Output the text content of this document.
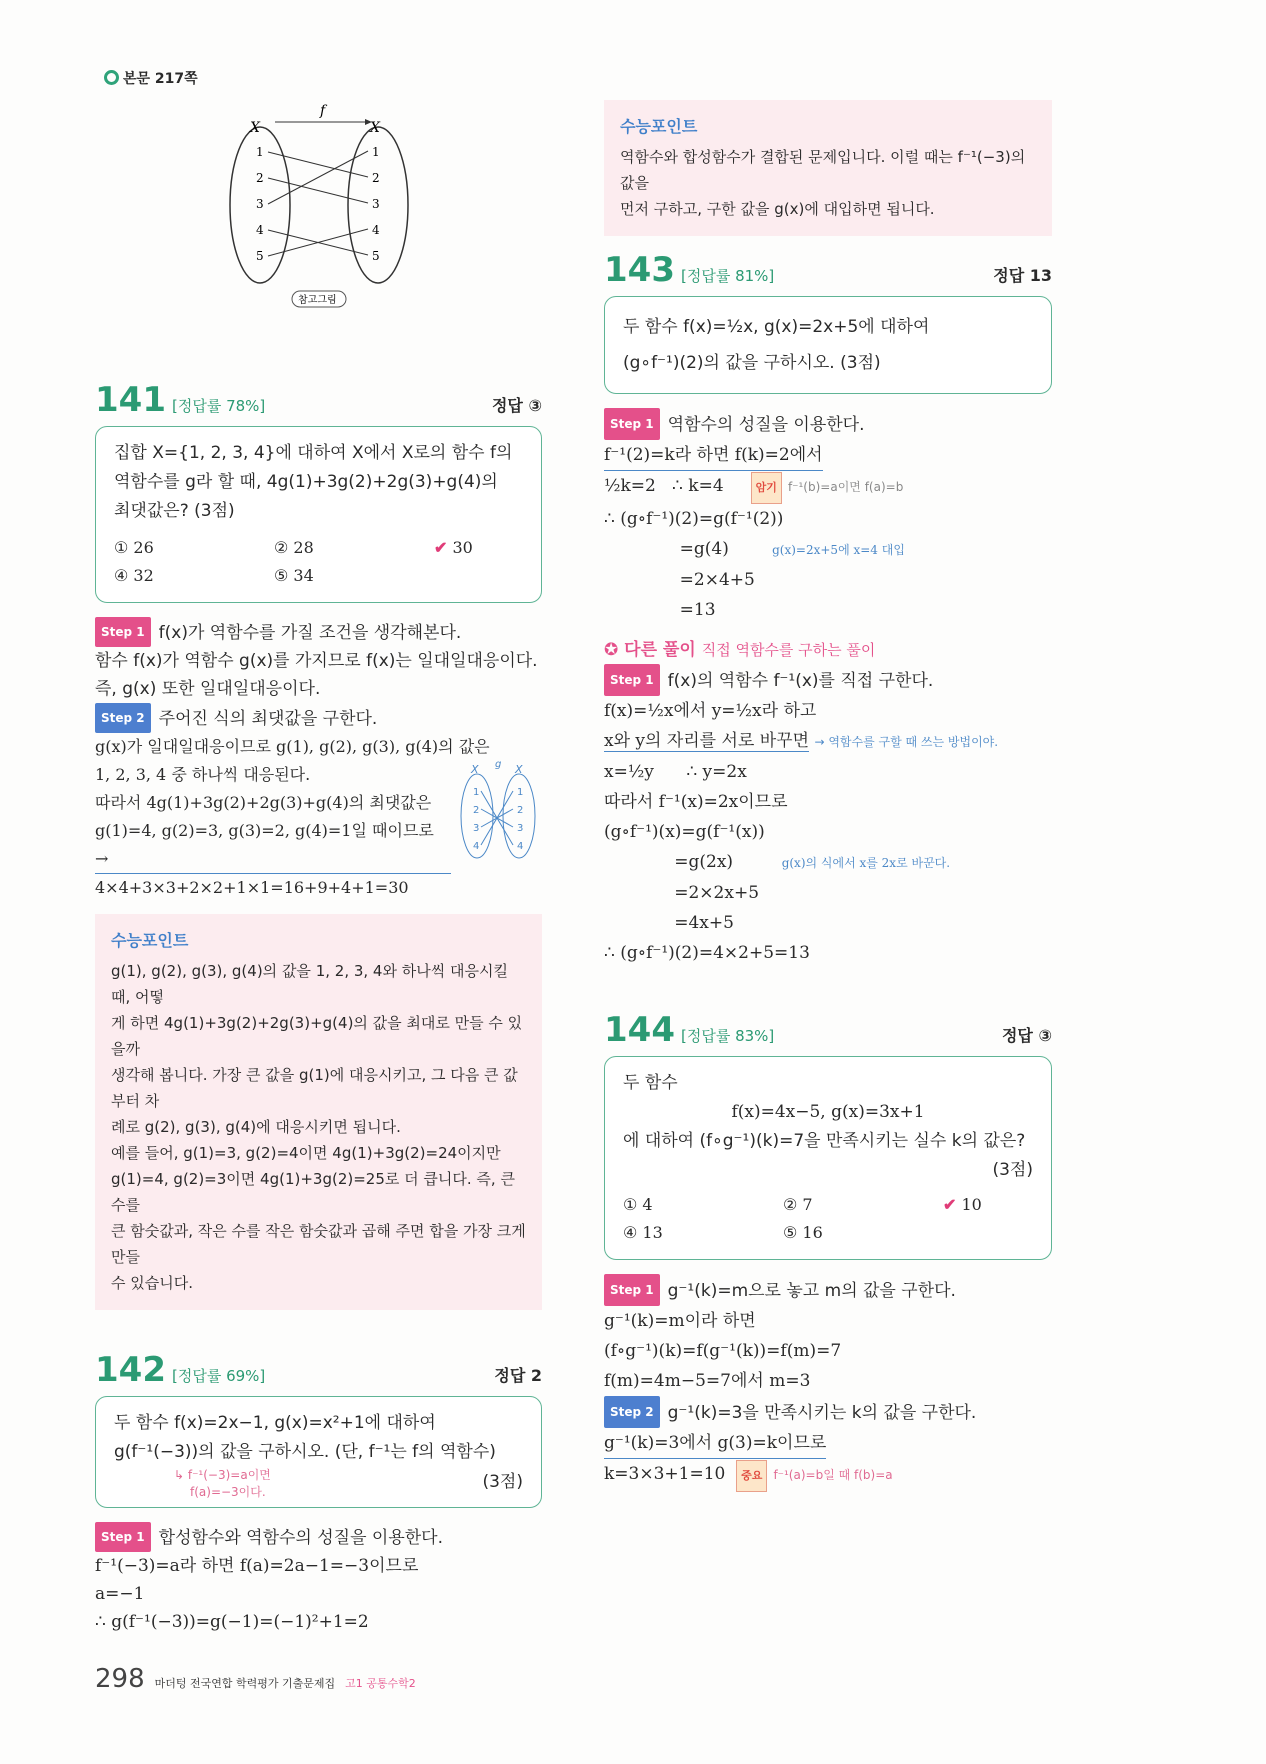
본문 217쪽
f
X	X
1
2
3
4
5
1
2
3
4
5
참고그림
수능포인트
역함수와 합성함수가 결합된 문제입니다. 이럴 때는 f⁻¹(−3)의 값을
먼저 구하고, 구한 값을 g(x)에 대입하면 됩니다.
141 [정답률 78%]	정답 ③
집합 X={1, 2, 3, 4}에 대하여 X에서 X로의 함수 f의
역함수를 g라 할 때, 4g(1)+3g(2)+2g(3)+g(4)의
최댓값은? (3점)
① 26	② 28	✔ 30
④ 32	⑤ 34
Step 1 f(x)가 역함수를 가질 조건을 생각해본다.
함수 f(x)가 역함수 g(x)를 가지므로 f(x)는 일대일대응이다.
즉, g(x) 또한 일대일대응이다.
Step 2 주어진 식의 최댓값을 구한다.
g(x)가 일대일대응이므로 g(1), g(2), g(3), g(4)의 값은
1, 2, 3, 4 중 하나씩 대응된다.
따라서 4g(1)+3g(2)+2g(3)+g(4)의 최댓값은
g(1)=4, g(2)=3, g(3)=2, g(4)=1일 때이므로 →
X	X
g
1
2
3
4
1
2
3
4
4×4+3×3+2×2+1×1=16+9+4+1=30
수능포인트
g(1), g(2), g(3), g(4)의 값을 1, 2, 3, 4와 하나씩 대응시킬 때, 어떻
게 하면 4g(1)+3g(2)+2g(3)+g(4)의 값을 최대로 만들 수 있을까
생각해 봅니다. 가장 큰 값을 g(1)에 대응시키고, 그 다음 큰 값부터 차
례로 g(2), g(3), g(4)에 대응시키면 됩니다.
예를 들어, g(1)=3, g(2)=4이면 4g(1)+3g(2)=24이지만
g(1)=4, g(2)=3이면 4g(1)+3g(2)=25로 더 큽니다. 즉, 큰 수를
큰 함숫값과, 작은 수를 작은 함숫값과 곱해 주면 합을 가장 크게 만들
수 있습니다.
142 [정답률 69%]	정답 2
두 함수 f(x)=2x−1, g(x)=x²+1에 대하여
g(f⁻¹(−3))의 값을 구하시오. (단, f⁻¹는 f의 역함수)
↳ f⁻¹(−3)=a이면
f(a)=−3이다.	(3점)
Step 1 합성함수와 역함수의 성질을 이용한다.
f⁻¹(−3)=a라 하면 f(a)=2a−1=−3이므로
a=−1
∴ g(f⁻¹(−3))=g(−1)=(−1)²+1=2
298 마더텅 전국연합 학력평가 기출문제집 고1 공통수학2
143 [정답률 81%]	정답 13
두 함수 f(x)=½x, g(x)=2x+5에 대하여
(g∘f⁻¹)(2)의 값을 구하시오. (3점)
Step 1 역함수의 성질을 이용한다.
f⁻¹(2)=k라 하면 f(k)=2에서
½k=2   ∴ k=4	암기 f⁻¹(b)=a이면 f(a)=b
∴ (g∘f⁻¹)(2)=g(f⁻¹(2))
=g(4)	g(x)=2x+5에 x=4 대입
=2×4+5
=13
✪ 다른 풀이 직접 역함수를 구하는 풀이
Step 1 f(x)의 역함수 f⁻¹(x)를 직접 구한다.
f(x)=½x에서 y=½x라 하고
x와 y의 자리를 서로 바꾸면 → 역함수를 구할 때 쓰는 방법이야.
x=½y      ∴ y=2x
따라서 f⁻¹(x)=2x이므로
(g∘f⁻¹)(x)=g(f⁻¹(x))
=g(2x)	g(x)의 식에서 x를 2x로 바꾼다.
=2×2x+5
=4x+5
∴ (g∘f⁻¹)(2)=4×2+5=13
144 [정답률 83%]	정답 ③
두 함수
f(x)=4x−5, g(x)=3x+1
에 대하여 (f∘g⁻¹)(k)=7을 만족시키는 실수 k의 값은?
(3점)
① 4	② 7	✔ 10
④ 13	⑤ 16
Step 1 g⁻¹(k)=m으로 놓고 m의 값을 구한다.
g⁻¹(k)=m이라 하면
(f∘g⁻¹)(k)=f(g⁻¹(k))=f(m)=7
f(m)=4m−5=7에서 m=3
Step 2 g⁻¹(k)=3을 만족시키는 k의 값을 구한다.
g⁻¹(k)=3에서 g(3)=k이므로
k=3×3+1=10 중요 f⁻¹(a)=b일 때 f(b)=a
